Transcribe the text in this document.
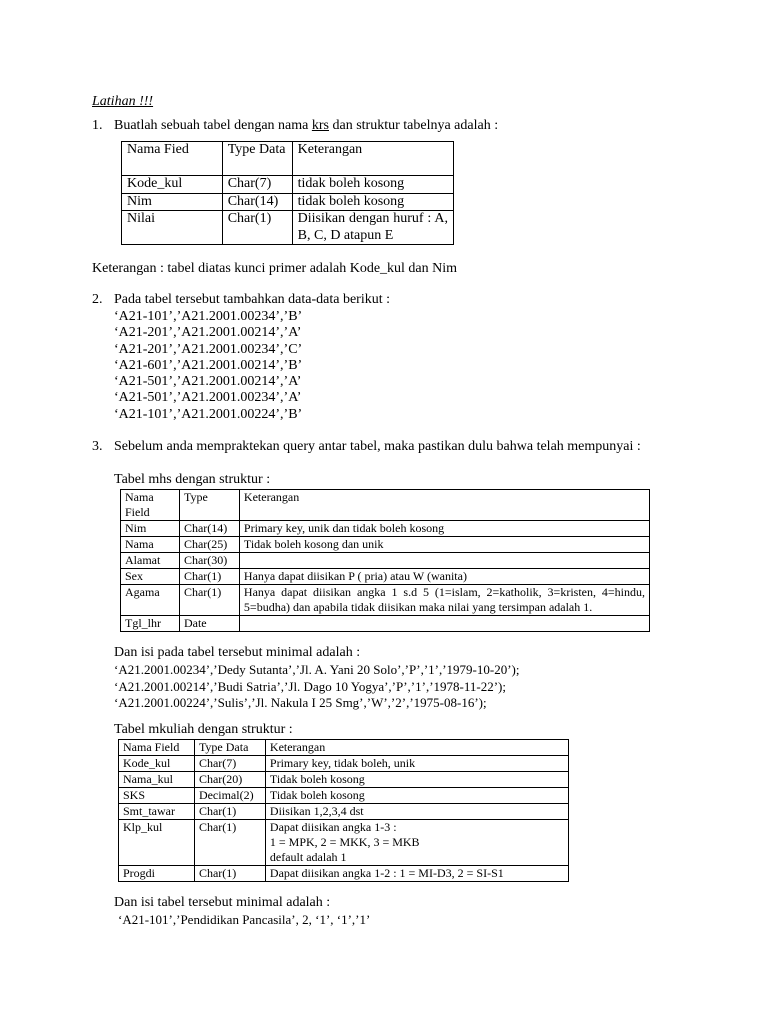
Latihan !!!
1. Buatlah sebuah tabel dengan nama krs dan struktur tabelnya adalah :
Nama Fied	Type Data	Keterangan
Kode_kul	Char(7)	tidak boleh kosong
Nim	Char(14)	tidak boleh kosong
Nilai	Char(1)	Diisikan dengan huruf : A, B, C, D atapun E
Keterangan : tabel diatas kunci primer adalah Kode_kul dan Nim
2. Pada tabel tersebut tambahkan data-data berikut :
‘A21-101’,’A21.2001.00234’,’B’
‘A21-201’,’A21.2001.00214’,’A’
‘A21-201’,’A21.2001.00234’,’C’
‘A21-601’,’A21.2001.00214’,’B’
‘A21-501’,’A21.2001.00214’,’A’
‘A21-501’,’A21.2001.00234’,’A’
‘A21-101’,’A21.2001.00224’,’B’
3. Sebelum anda mempraktekan query antar tabel, maka pastikan dulu bahwa telah mempunyai :
Tabel mhs dengan struktur :
Nama Field	Type	Keterangan
Nim	Char(14)	Primary key, unik dan tidak boleh kosong
Nama	Char(25)	Tidak boleh kosong dan unik
Alamat	Char(30)	
Sex	Char(1)	Hanya dapat diisikan P ( pria) atau W (wanita)
Agama	Char(1)	Hanya dapat diisikan angka 1 s.d 5 (1=islam, 2=katholik, 3=kristen, 4=hindu, 5=budha) dan apabila tidak diisikan maka nilai yang tersimpan adalah 1.
Tgl_lhr	Date	
Dan isi pada tabel tersebut minimal adalah :
‘A21.2001.00234’,’Dedy Sutanta’,’Jl. A. Yani 20 Solo’,’P’,’1’,’1979-10-20’);
‘A21.2001.00214’,’Budi Satria’,’Jl. Dago 10 Yogya’,’P’,’1’,’1978-11-22’);
‘A21.2001.00224’,’Sulis’,’Jl. Nakula I 25 Smg’,’W’,’2’,’1975-08-16’);
Tabel mkuliah dengan struktur :
Nama Field	Type Data	Keterangan
Kode_kul	Char(7)	Primary key, tidak boleh, unik
Nama_kul	Char(20)	Tidak boleh kosong
SKS	Decimal(2)	Tidak boleh kosong
Smt_tawar	Char(1)	Diisikan 1,2,3,4 dst
Klp_kul	Char(1)	Dapat diisikan angka 1-3 :
1 = MPK, 2 = MKK, 3 = MKB
default adalah 1
Progdi	Char(1)	Dapat diisikan angka 1-2 : 1 = MI-D3, 2 = SI-S1
Dan isi tabel tersebut minimal adalah :
‘A21-101’,’Pendidikan Pancasila’, 2, ‘1’, ‘1’,’1’
